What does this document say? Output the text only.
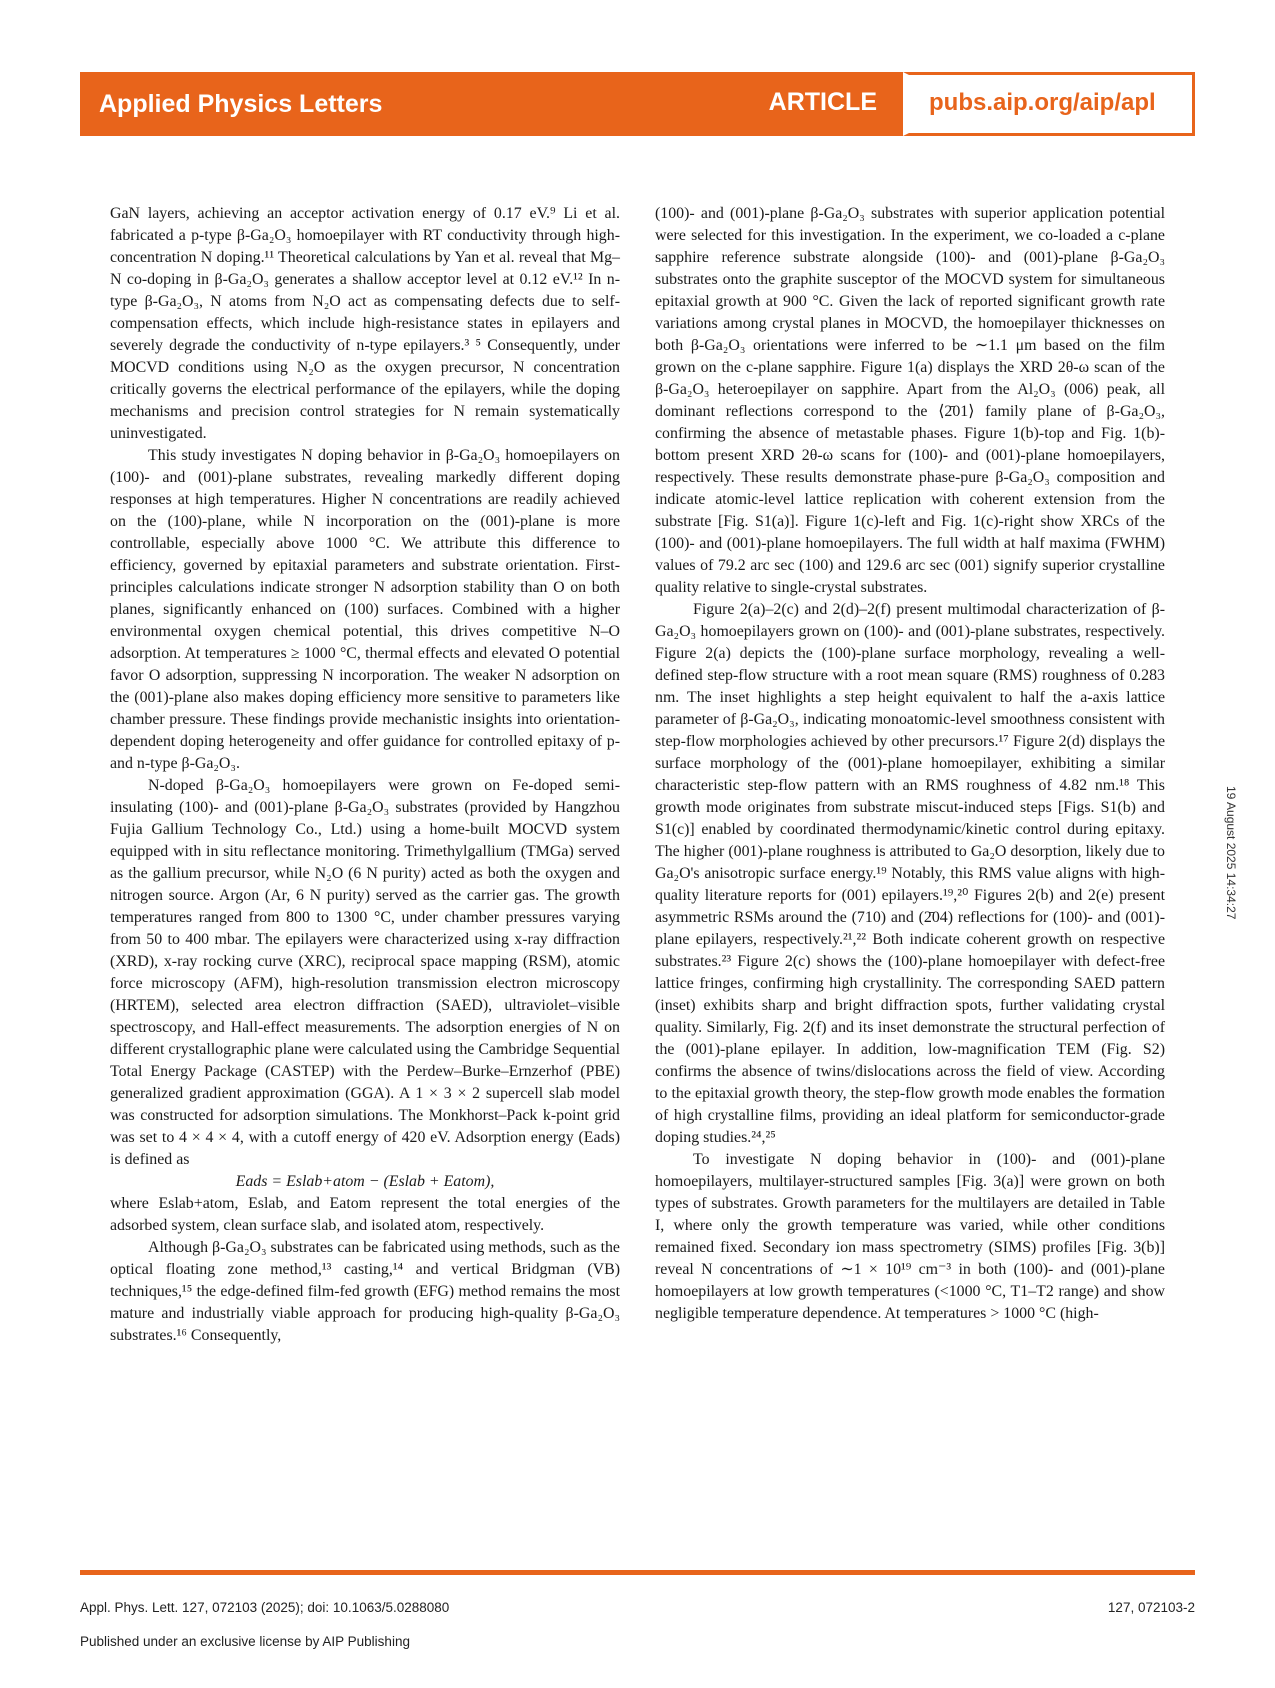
Applied Physics Letters	ARTICLE pubs.aip.org/aip/apl

GaN layers, achieving an acceptor activation energy of 0.17 eV.⁹ Li et al. fabricated a p-type β-Ga₂O₃ homoepilayer with RT conductivity through high-concentration N doping.¹¹ Theoretical calculations by Yan et al. reveal that Mg–N co-doping in β-Ga₂O₃ generates a shallow acceptor level at 0.12 eV.¹² In n-type β-Ga₂O₃, N atoms from N₂O act as compensating defects due to self-compensation effects, which include high-resistance states in epilayers and severely degrade the conductivity of n-type epilayers.³ ⁵ Consequently, under MOCVD conditions using N₂O as the oxygen precursor, N concentration critically governs the electrical performance of the epilayers, while the doping mechanisms and precision control strategies for N remain systematically uninvestigated.

This study investigates N doping behavior in β-Ga₂O₃ homoepilayers on (100)- and (001)-plane substrates, revealing markedly different doping responses at high temperatures. Higher N concentrations are readily achieved on the (100)-plane, while N incorporation on the (001)-plane is more controllable, especially above 1000 °C. We attribute this difference to efficiency, governed by epitaxial parameters and substrate orientation. First-principles calculations indicate stronger N adsorption stability than O on both planes, significantly enhanced on (100) surfaces. Combined with a higher environmental oxygen chemical potential, this drives competitive N–O adsorption. At temperatures ≥ 1000 °C, thermal effects and elevated O potential favor O adsorption, suppressing N incorporation. The weaker N adsorption on the (001)-plane also makes doping efficiency more sensitive to parameters like chamber pressure. These findings provide mechanistic insights into orientation-dependent doping heterogeneity and offer guidance for controlled epitaxy of p- and n-type β-Ga₂O₃.

N-doped β-Ga₂O₃ homoepilayers were grown on Fe-doped semi-insulating (100)- and (001)-plane β-Ga₂O₃ substrates (provided by Hangzhou Fujia Gallium Technology Co., Ltd.) using a home-built MOCVD system equipped with in situ reflectance monitoring. Trimethylgallium (TMGa) served as the gallium precursor, while N₂O (6 N purity) acted as both the oxygen and nitrogen source. Argon (Ar, 6 N purity) served as the carrier gas. The growth temperatures ranged from 800 to 1300 °C, under chamber pressures varying from 50 to 400 mbar. The epilayers were characterized using x-ray diffraction (XRD), x-ray rocking curve (XRC), reciprocal space mapping (RSM), atomic force microscopy (AFM), high-resolution transmission electron microscopy (HRTEM), selected area electron diffraction (SAED), ultraviolet–visible spectroscopy, and Hall-effect measurements. The adsorption energies of N on different crystallographic plane were calculated using the Cambridge Sequential Total Energy Package (CASTEP) with the Perdew–Burke–Ernzerhof (PBE) generalized gradient approximation (GGA). A 1 × 3 × 2 supercell slab model was constructed for adsorption simulations. The Monkhorst–Pack k-point grid was set to 4 × 4 × 4, with a cutoff energy of 420 eV. Adsorption energy (Eads) is defined as

Eads = Eslab+atom − (Eslab + Eatom),

where Eslab+atom, Eslab, and Eatom represent the total energies of the adsorbed system, clean surface slab, and isolated atom, respectively.

Although β-Ga₂O₃ substrates can be fabricated using methods, such as the optical floating zone method,¹³ casting,¹⁴ and vertical Bridgman (VB) techniques,¹⁵ the edge-defined film-fed growth (EFG) method remains the most mature and industrially viable approach for producing high-quality β-Ga₂O₃ substrates.¹⁶ Consequently,

(100)- and (001)-plane β-Ga₂O₃ substrates with superior application potential were selected for this investigation. In the experiment, we co-loaded a c-plane sapphire reference substrate alongside (100)- and (001)-plane β-Ga₂O₃ substrates onto the graphite susceptor of the MOCVD system for simultaneous epitaxial growth at 900 °C. Given the lack of reported significant growth rate variations among crystal planes in MOCVD, the homoepilayer thicknesses on both β-Ga₂O₃ orientations were inferred to be ∼1.1 μm based on the film grown on the c-plane sapphire. Figure 1(a) displays the XRD 2θ-ω scan of the β-Ga₂O₃ heteroepilayer on sapphire. Apart from the Al₂O₃ (006) peak, all dominant reflections correspond to the ⟨2̄01⟩ family plane of β-Ga₂O₃, confirming the absence of metastable phases. Figure 1(b)-top and Fig. 1(b)-bottom present XRD 2θ-ω scans for (100)- and (001)-plane homoepilayers, respectively. These results demonstrate phase-pure β-Ga₂O₃ composition and indicate atomic-level lattice replication with coherent extension from the substrate [Fig. S1(a)]. Figure 1(c)-left and Fig. 1(c)-right show XRCs of the (100)- and (001)-plane homoepilayers. The full width at half maxima (FWHM) values of 79.2 arc sec (100) and 129.6 arc sec (001) signify superior crystalline quality relative to single-crystal substrates.

Figure 2(a)–2(c) and 2(d)–2(f) present multimodal characterization of β-Ga₂O₃ homoepilayers grown on (100)- and (001)-plane substrates, respectively. Figure 2(a) depicts the (100)-plane surface morphology, revealing a well-defined step-flow structure with a root mean square (RMS) roughness of 0.283 nm. The inset highlights a step height equivalent to half the a-axis lattice parameter of β-Ga₂O₃, indicating monoatomic-level smoothness consistent with step-flow morphologies achieved by other precursors.¹⁷ Figure 2(d) displays the surface morphology of the (001)-plane homoepilayer, exhibiting a similar characteristic step-flow pattern with an RMS roughness of 4.82 nm.¹⁸ This growth mode originates from substrate miscut-induced steps [Figs. S1(b) and S1(c)] enabled by coordinated thermodynamic/kinetic control during epitaxy. The higher (001)-plane roughness is attributed to Ga₂O desorption, likely due to Ga₂O's anisotropic surface energy.¹⁹ Notably, this RMS value aligns with high-quality literature reports for (001) epilayers.¹⁹,²⁰ Figures 2(b) and 2(e) present asymmetric RSMs around the (710) and (2̄04) reflections for (100)- and (001)-plane epilayers, respectively.²¹,²² Both indicate coherent growth on respective substrates.²³ Figure 2(c) shows the (100)-plane homoepilayer with defect-free lattice fringes, confirming high crystallinity. The corresponding SAED pattern (inset) exhibits sharp and bright diffraction spots, further validating crystal quality. Similarly, Fig. 2(f) and its inset demonstrate the structural perfection of the (001)-plane epilayer. In addition, low-magnification TEM (Fig. S2) confirms the absence of twins/dislocations across the field of view. According to the epitaxial growth theory, the step-flow growth mode enables the formation of high crystalline films, providing an ideal platform for semiconductor-grade doping studies.²⁴,²⁵

To investigate N doping behavior in (100)- and (001)-plane homoepilayers, multilayer-structured samples [Fig. 3(a)] were grown on both types of substrates. Growth parameters for the multilayers are detailed in Table I, where only the growth temperature was varied, while other conditions remained fixed. Secondary ion mass spectrometry (SIMS) profiles [Fig. 3(b)] reveal N concentrations of ∼1 × 10¹⁹ cm⁻³ in both (100)- and (001)-plane homoepilayers at low growth temperatures (<1000 °C, T1–T2 range) and show negligible temperature dependence. At temperatures > 1000 °C (high-

19 August 2025 14:34:27
Appl. Phys. Lett. 127, 072103 (2025); doi: 10.1063/5.0288080	127, 072103-2
Published under an exclusive license by AIP Publishing
